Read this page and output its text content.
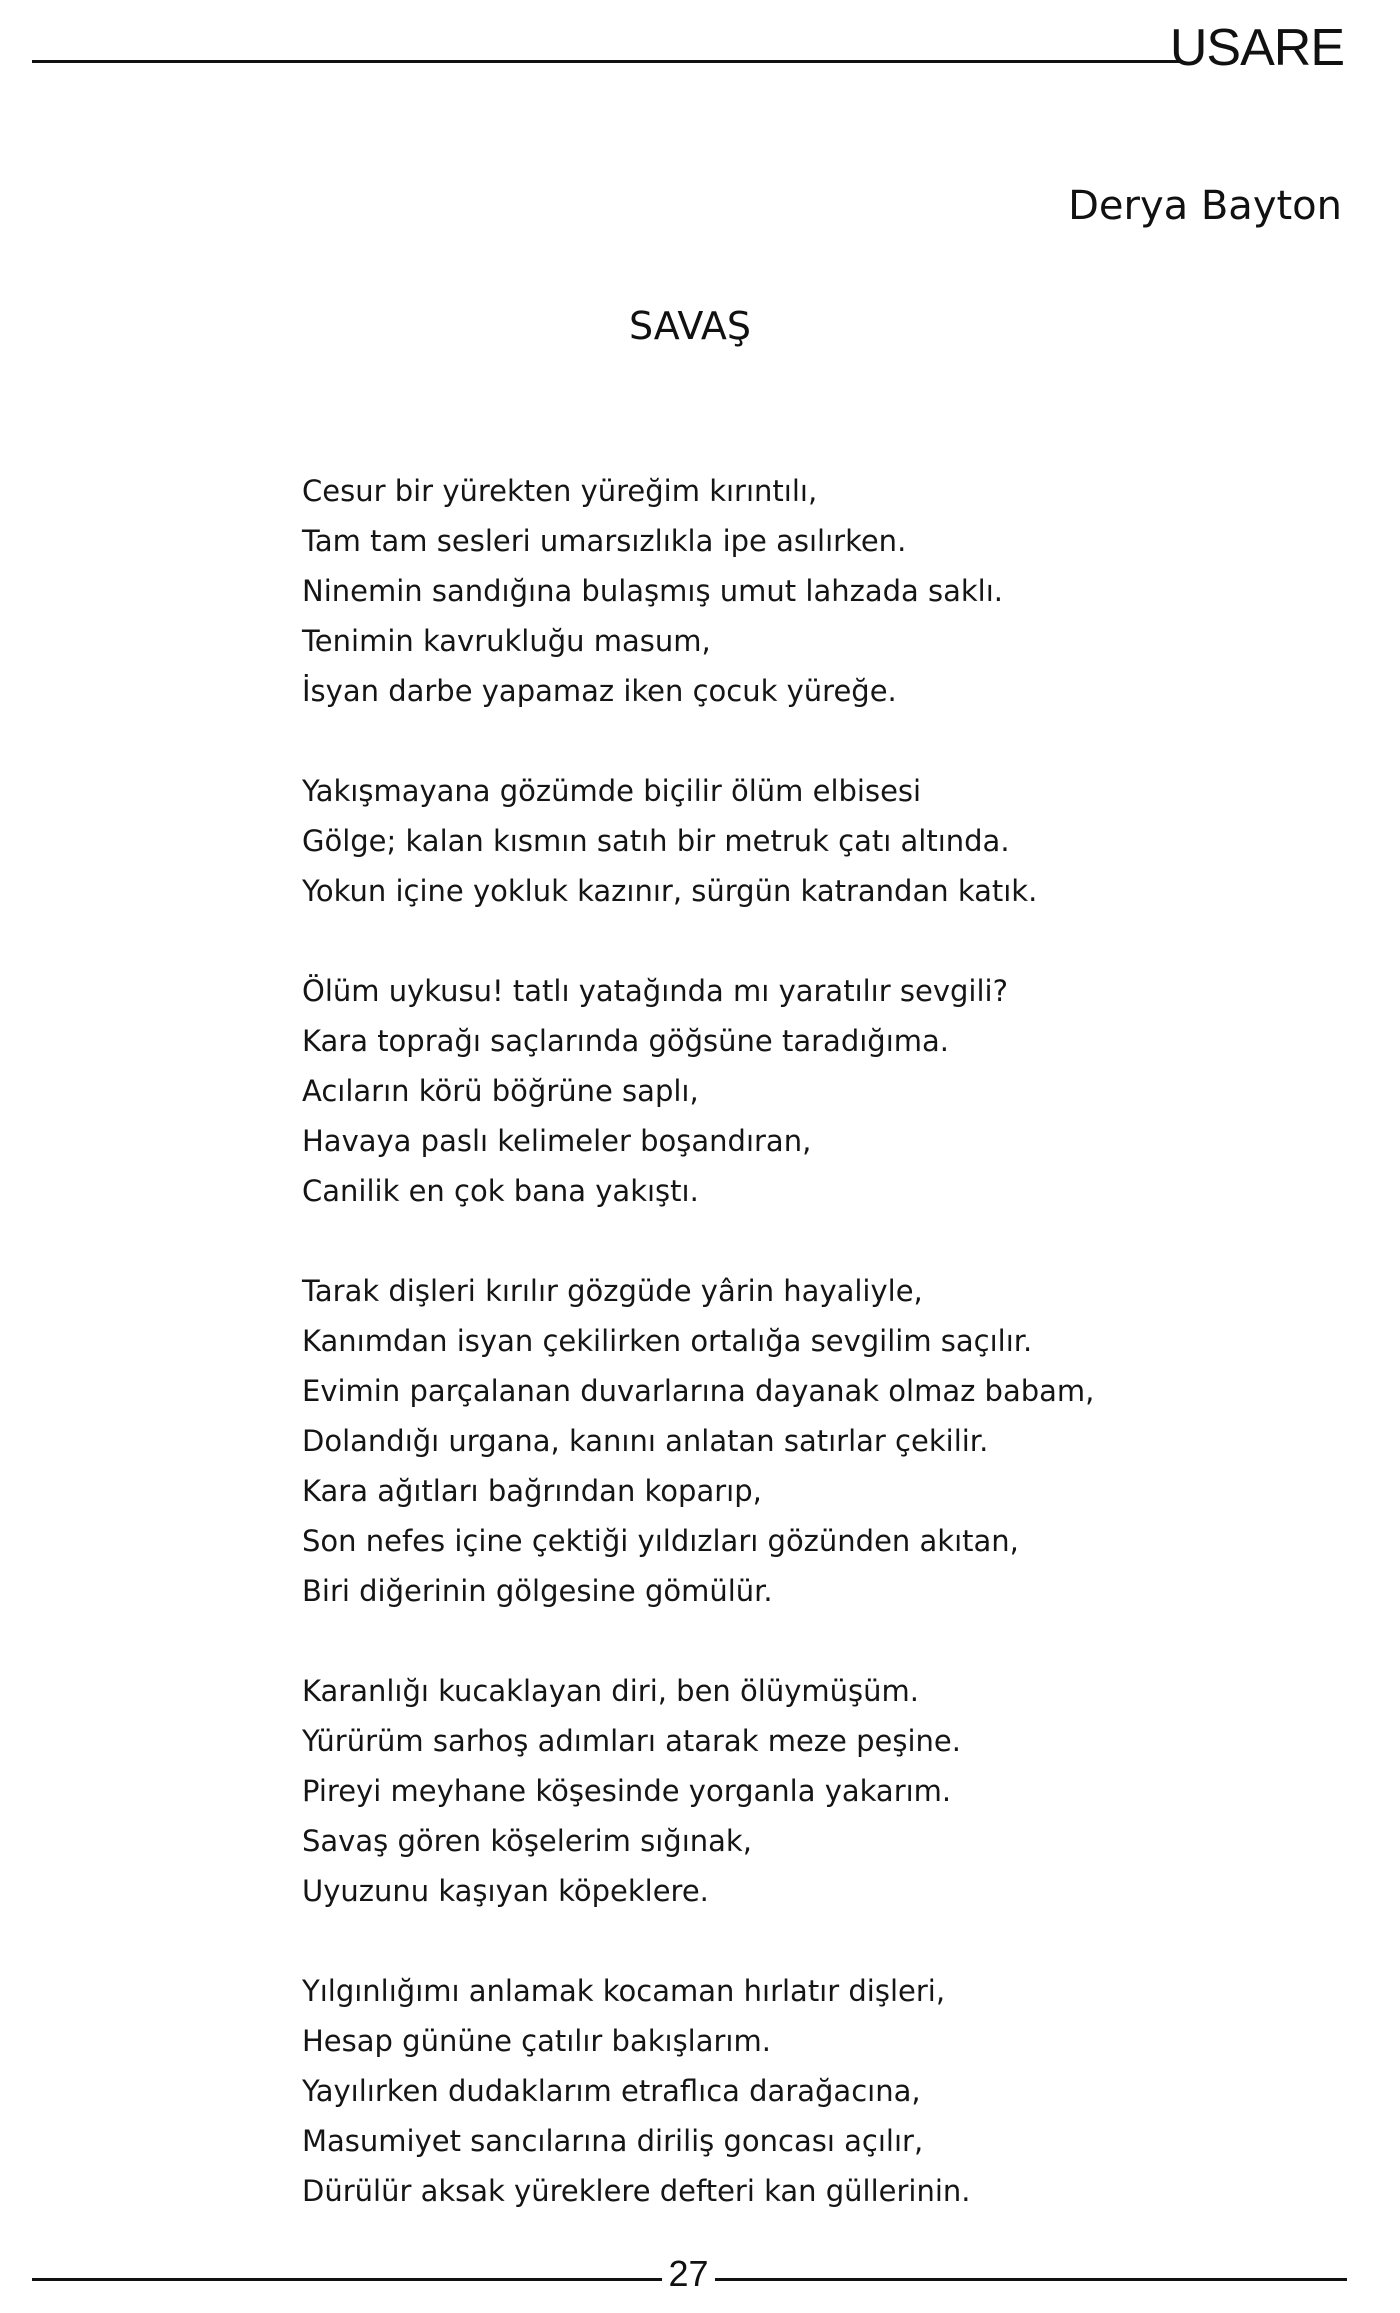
USARE
Derya Bayton
SAVAŞ
Cesur bir yürekten yüreğim kırıntılı,
Tam tam sesleri umarsızlıkla ipe asılırken.
Ninemin sandığına bulaşmış umut lahzada saklı.
Tenimin kavrukluğu masum,
İsyan darbe yapamaz iken çocuk yüreğe.
Yakışmayana gözümde biçilir ölüm elbisesi
Gölge; kalan kısmın satıh bir metruk çatı altında.
Yokun içine yokluk kazınır, sürgün katrandan katık.
Ölüm uykusu! tatlı yatağında mı yaratılır sevgili?
Kara toprağı saçlarında göğsüne taradığıma.
Acıların körü böğrüne saplı,
Havaya paslı kelimeler boşandıran,
Canilik en çok bana yakıştı.
Tarak dişleri kırılır gözgüde yârin hayaliyle,
Kanımdan isyan çekilirken ortalığa sevgilim saçılır.
Evimin parçalanan duvarlarına dayanak olmaz babam,
Dolandığı urgana, kanını anlatan satırlar çekilir.
Kara ağıtları bağrından koparıp,
Son nefes içine çektiği yıldızları gözünden akıtan,
Biri diğerinin gölgesine gömülür.
Karanlığı kucaklayan diri, ben ölüymüşüm.
Yürürüm sarhoş adımları atarak meze peşine.
Pireyi meyhane köşesinde yorganla yakarım.
Savaş gören köşelerim sığınak,
Uyuzunu kaşıyan köpeklere.
Yılgınlığımı anlamak kocaman hırlatır dişleri,
Hesap gününe çatılır bakışlarım.
Yayılırken dudaklarım etraflıca darağacına,
Masumiyet sancılarına diriliş goncası açılır,
Dürülür aksak yüreklere defteri kan güllerinin.
27
